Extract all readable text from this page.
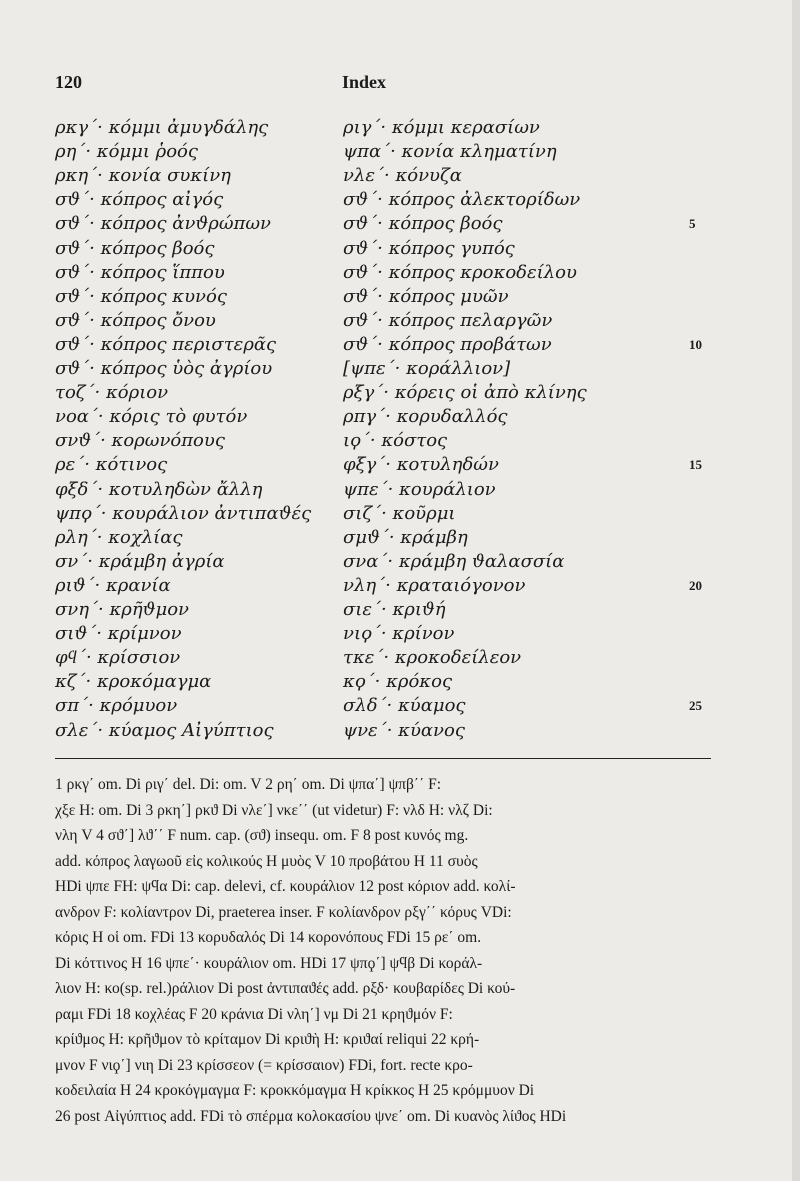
120	Index
ρκγ΄· κόμμι ἀμυγδάλης
ρη΄· κόμμι ῥοός
ρκη΄· κονία συκίνη
σϑ΄· κόπρος αἰγός
σϑ΄· κόπρος ἀνϑρώπων
σϑ΄· κόπρος βοός
σϑ΄· κόπρος ἵππου
σϑ΄· κόπρος κυνός
σϑ΄· κόπρος ὄνου
σϑ΄· κόπρος περιστερᾶς
σϑ΄· κόπρος ὑὸς ἀγρίου
τοζ΄· κόριον
νοα΄· κόρις τὸ φυτόν
σνϑ΄· κορωνόπους
ρε΄· κότινος
φξδ΄· κοτυληδὼν ἄλλη
ψπϙ΄· κουράλιον ἀντιπαϑές
ρλη΄· κοχλίας
σν΄· κράμβη ἀγρία
ριϑ΄· κρανία
σνη΄· κρῆϑμον
σιϑ΄· κρίμνον
φϥ΄· κρίσσιον
κζ΄· κροκόμαγμα
σπ΄· κρόμυον
σλε΄· κύαμος Αἰγύπτιος
ριγ΄· κόμμι κερασίων
ψπα΄· κονία κληματίνη
νλε΄· κόνυζα
σϑ΄· κόπρος ἀλεκτορίδων
σϑ΄· κόπρος βοός
σϑ΄· κόπρος γυπός
σϑ΄· κόπρος κροκοδείλου
σϑ΄· κόπρος μυῶν
σϑ΄· κόπρος πελαργῶν
σϑ΄· κόπρος προβάτων
[ψπε΄· κοράλλιον]
ρξγ΄· κόρεις οἱ ἀπὸ κλίνης
ρπγ΄· κορυδαλλός
ιϙ΄· κόστος
φξγ΄· κοτυληδών
ψπε΄· κουράλιον
σιζ΄· κοῦρμι
σμϑ΄· κράμβη
σνα΄· κράμβη ϑαλασσία
νλη΄· κραταιόγονον
σιε΄· κριϑή
νιϙ΄· κρίνον
τκε΄· κροκοδείλεον
κϙ΄· κρόκος
σλδ΄· κύαμος
ψνε΄· κύανος
5
10
15
20
25
1 ρκγ΄ om. Di ριγ΄ del. Di: om. V 2 ρη΄ om. Di ψπα΄] ψπβ΄΄ F:
χξε H: om. Di 3 ρκη΄] ρκϑ Di νλε΄] νκε΄΄ (ut videtur) F: νλδ H: νλζ Di:
νλη V 4 σϑ΄] λϑ΄΄ F num. cap. (σϑ) insequ. om. F 8 post κυνός mg.
add. κόπρος λαγωοῦ εἰς κολικούς H μυὸς V 10 προβάτου H 11 συὸς
HDi ψπε FH: ψϥα Di: cap. delevi, cf. κουράλιον 12 post κόριον add. κολί-
ανδρον F: κολίαντρον Di, praeterea inser. F κολίανδρον ρξγ΄΄ κόρυς VDi:
κόρις H οἱ om. FDi 13 κορυδαλός Di 14 κορονόπους FDi 15 ρε΄ om.
Di κόττινος H 16 ψπε΄· κουράλιον om. HDi 17 ψπϙ΄] ψϥβ Di κοράλ-
λιον H: κο(sp. rel.)ράλιον Di post ἀντιπαϑές add. ρξδ· κουβαρίδες Di κού-
ραμι FDi 18 κοχλέας F 20 κράνια Di νλη΄] νμ Di 21 κρηϑμόν F:
κρίϑμος H: κρῆϑμον τὸ κρίταμον Di κριϑὴ H: κριϑαί reliqui 22 κρή-
μνον F νιϙ΄] νιη Di 23 κρίσσεον (= κρίσσαιον) FDi, fort. recte κρο-
κοδειλαία H 24 κροκόγμαγμα F: κροκκόμαγμα H κρίκκος H 25 κρόμμυον Di
26 post Αἰγύπτιος add. FDi τὸ σπέρμα κολοκασίου ψνε΄ om. Di κυανὸς λίϑος HDi
